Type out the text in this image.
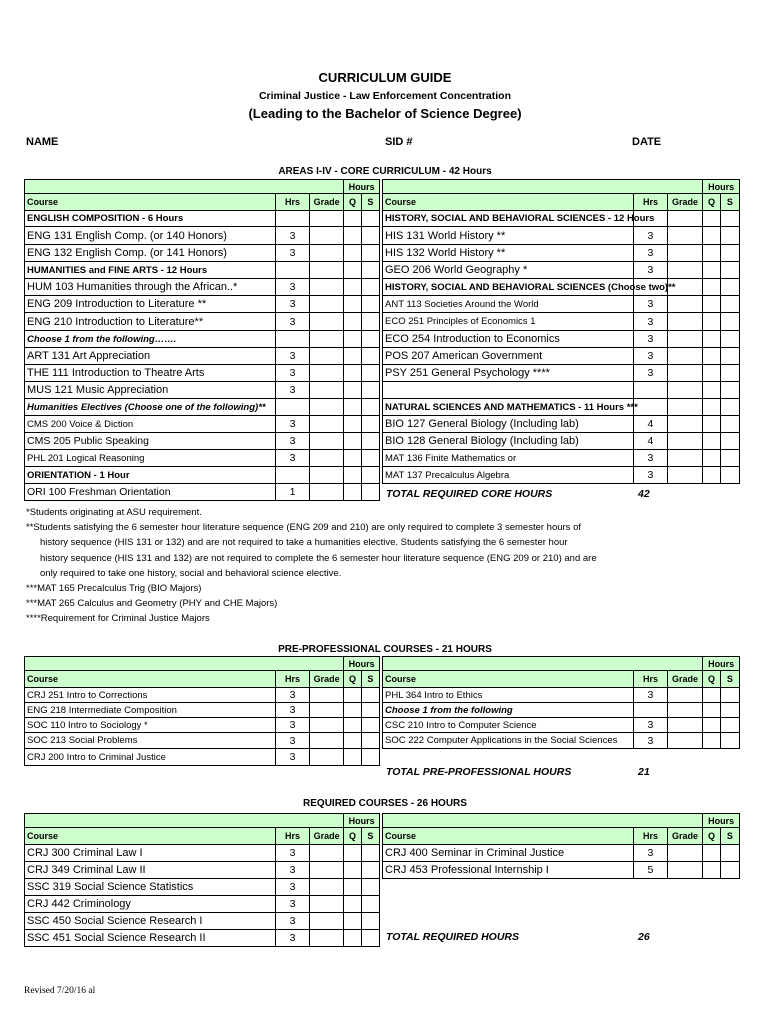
CURRICULUM GUIDE
Criminal Justice - Law Enforcement Concentration
(Leading to the Bachelor of Science Degree)
NAME	SID #	DATE
AREAS I-IV - CORE CURRICULUM - 42 Hours
			Hours	
Course	Hrs	Grade	Q	S
ENGLISH COMPOSITION - 6 Hours				
ENG 131 English Comp. (or 140 Honors)	3			
ENG 132 English Comp. (or 141 Honors)	3			
HUMANITIES and FINE ARTS - 12 Hours				
HUM 103 Humanities through the African..*	3			
ENG 209 Introduction to Literature **	3			
ENG 210 Introduction to Literature**	3			
Choose 1 from the following…….				
ART 131 Art Appreciation	3			
THE 111 Introduction to Theatre Arts	3			
MUS 121 Music Appreciation	3			
Humanities Electives (Choose one of the following)**				
CMS 200 Voice & Diction	3			
CMS 205 Public Speaking	3			
PHL 201 Logical Reasoning	3			
ORIENTATION - 1 Hour				
ORI 100 Freshman Orientation	1			
			Hours	
Course	Hrs	Grade	Q	S
HISTORY, SOCIAL AND BEHAVIORAL SCIENCES - 12 Hours				
HIS 131 World History **	3			
HIS 132 World History **	3			
GEO 206 World Geography *	3			
HISTORY, SOCIAL AND BEHAVIORAL SCIENCES (Choose two)**				
ANT 113 Societies Around the World	3			
ECO 251 Principles of Economics 1	3			
ECO 254 Introduction to Economics	3			
POS 207 American Government	3			
PSY 251 General Psychology ****	3			

NATURAL SCIENCES AND MATHEMATICS - 11 Hours ***				
BIO 127 General Biology (Including lab)	4			
BIO 128 General Biology (Including lab)	4			
MAT 136 Finite Mathematics or	3			
MAT 137 Precalculus Algebra	3			
TOTAL REQUIRED CORE HOURS	42
*Students originating at ASU requirement.
**Students satisfying the 6 semester hour literature sequence (ENG 209 and 210) are only required to complete 3 semester hours of
history sequence (HIS 131 or 132) and are not required to take a humanities elective. Students satisfying the 6 semester hour
history sequence (HIS 131 and 132) are not required to complete the 6 semester hour literature sequence (ENG 209 or 210) and are
only required to take one history, social and behavioral science elective.
***MAT 165 Precalculus Trig (BIO Majors)
***MAT 265 Calculus and Geometry (PHY and CHE Majors)
****Requirement for Criminal Justice Majors
PRE-PROFESSIONAL COURSES - 21 HOURS
			Hours	
Course	Hrs	Grade	Q	S
CRJ 251 Intro to Corrections	3			
ENG 218 Intermediate Composition	3			
SOC 110 Intro to Sociology *	3			
SOC 213 Social Problems	3			
CRJ 200 Intro to Criminal Justice	3			
			Hours	
Course	Hrs	Grade	Q	S
PHL 364 Intro to Ethics	3			
Choose 1 from the following				
CSC 210 Intro to Computer Science	3			
SOC 222 Computer Applications in the Social Sciences	3			
TOTAL PRE-PROFESSIONAL HOURS	21
REQUIRED COURSES - 26 HOURS
			Hours	
Course	Hrs	Grade	Q	S
CRJ 300 Criminal Law I	3			
CRJ 349 Criminal Law II	3			
SSC 319 Social Science Statistics	3			
CRJ 442 Criminology	3			
SSC 450 Social Science Research I	3			
SSC 451 Social Science Research II	3			
			Hours	
Course	Hrs	Grade	Q	S
CRJ 400 Seminar in Criminal Justice	3			
CRJ 453 Professional Internship I	5			
TOTAL REQUIRED HOURS	26
Revised 7/20/16 al
